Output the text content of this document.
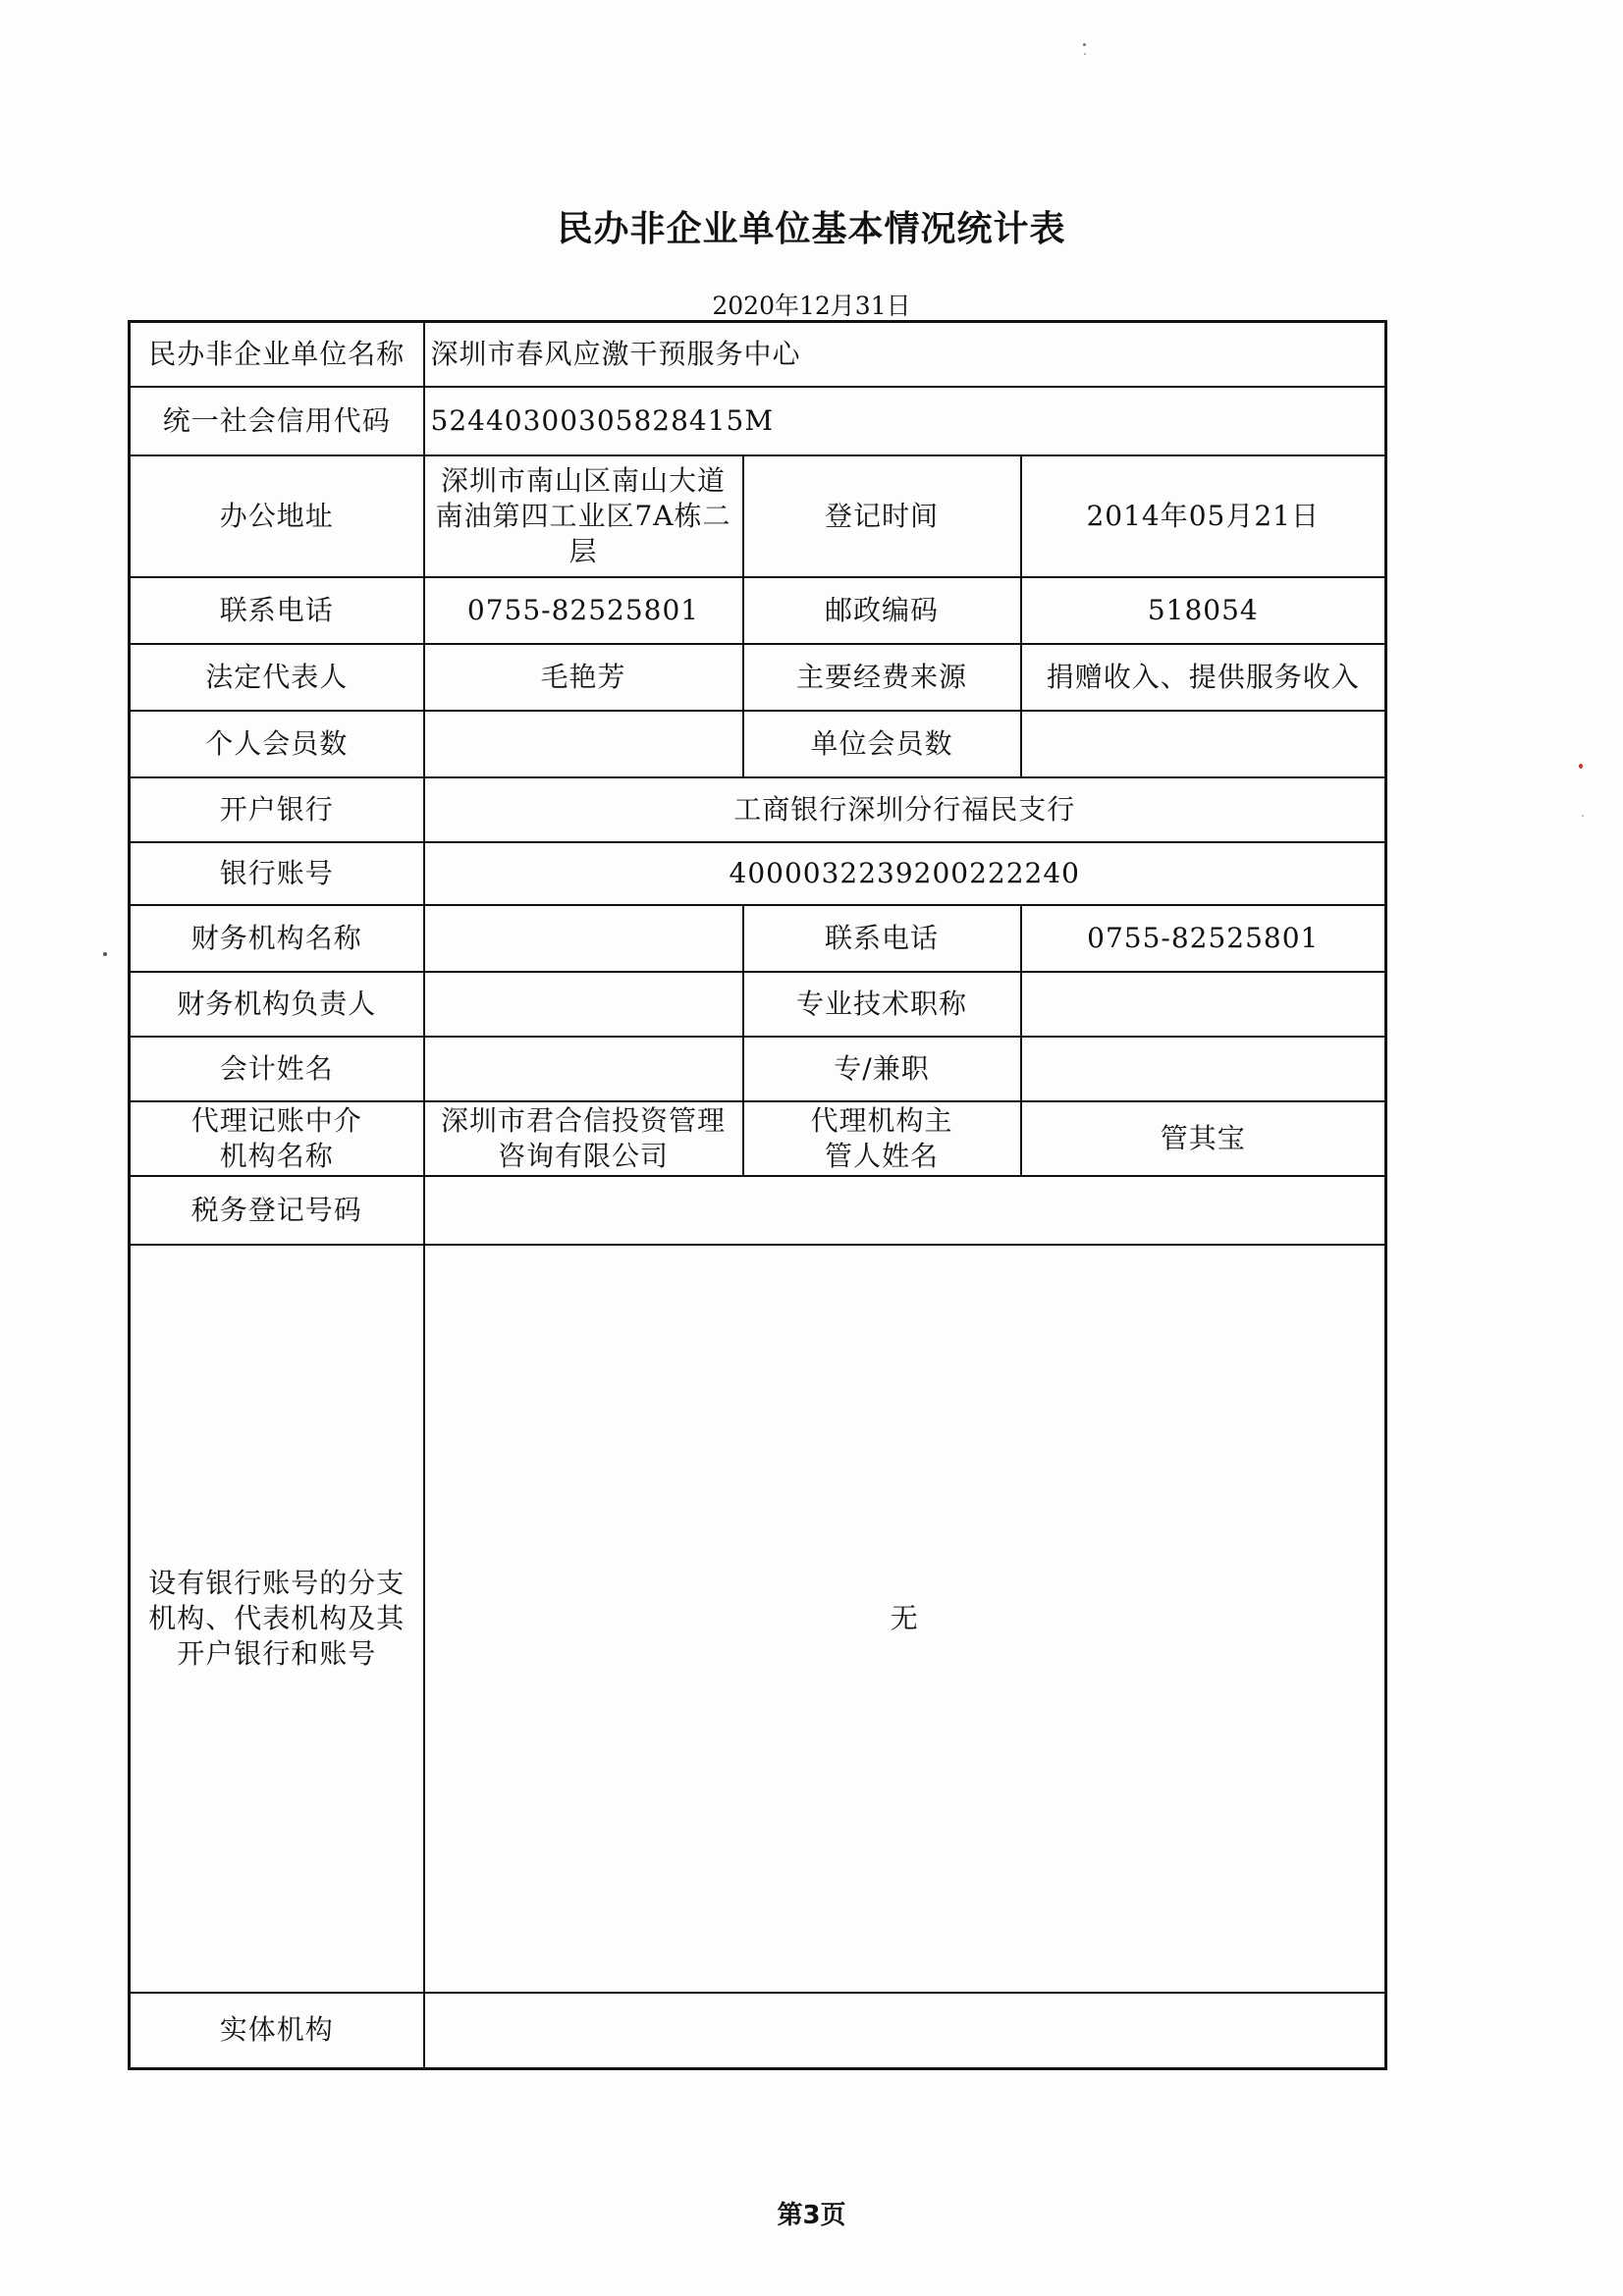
民办非企业单位基本情况统计表
2020年12月31日
民办非企业单位名称	深圳市春风应激干预服务中心		
统一社会信用代码	52440300305828415M		
办公地址	深圳市南山区南山大道南油第四工业区7A栋二层	登记时间	2014年05月21日
联系电话	0755-82525801	邮政编码	518054
法定代表人	毛艳芳	主要经费来源	捐赠收入、提供服务收入
个人会员数		单位会员数	
开户银行	工商银行深圳分行福民支行		
银行账号	4000032239200222240		
财务机构名称		联系电话	0755-82525801
财务机构负责人		专业技术职称	
会计姓名		专/兼职	
代理记账中介机构名称	深圳市君合信投资管理咨询有限公司	代理机构主管人姓名	管其宝
税务登记号码			
设有银行账号的分支机构、代表机构及其开户银行和账号	无		
实体机构			
第3页
